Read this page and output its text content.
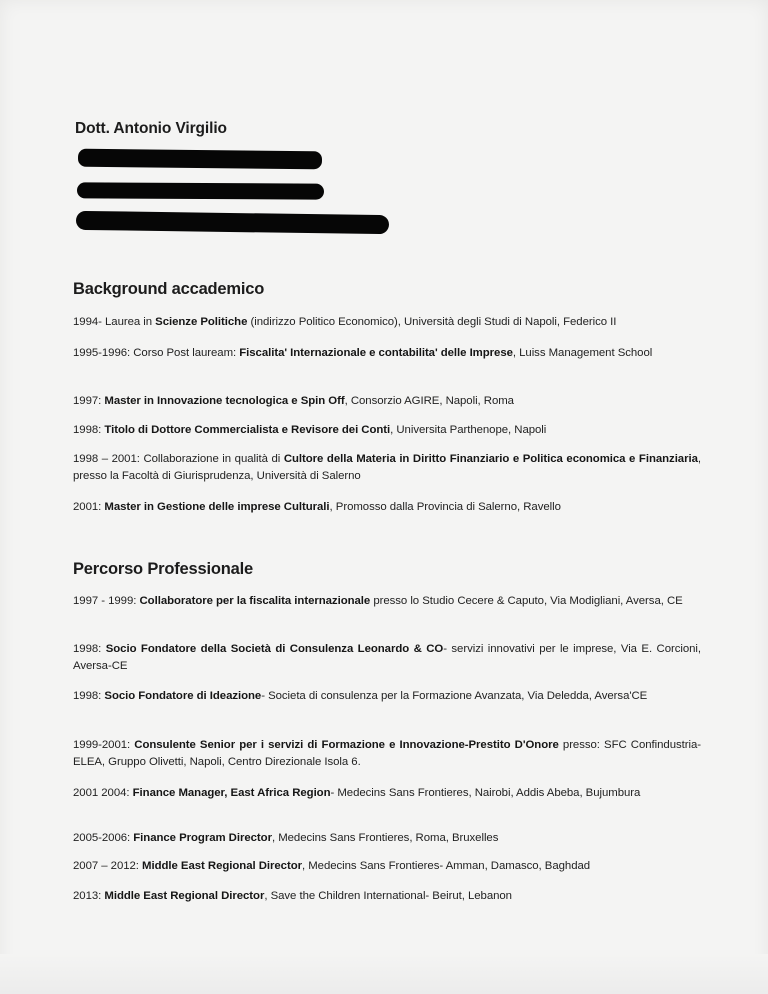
Dott. Antonio Virgilio
Background accademico
1994- Laurea in Scienze Politiche (indirizzo Politico Economico), Università degli Studi di Napoli, Federico II
1995-1996: Corso Post lauream: Fiscalita' Internazionale e contabilita' delle Imprese, Luiss Management School
1997: Master in Innovazione tecnologica e Spin Off, Consorzio AGIRE, Napoli, Roma
1998: Titolo di Dottore Commercialista e Revisore dei Conti, Universita Parthenope, Napoli
1998 – 2001: Collaborazione in qualità di Cultore della Materia in Diritto Finanziario e Politica economica e Finanziaria, presso la Facoltà di Giurisprudenza, Università di Salerno
2001: Master in Gestione delle imprese Culturali, Promosso dalla Provincia di Salerno, Ravello
Percorso Professionale
1997 - 1999: Collaboratore per la fiscalita internazionale presso lo Studio Cecere & Caputo, Via Modigliani, Aversa, CE
1998: Socio Fondatore della Società di Consulenza Leonardo & CO- servizi innovativi per le imprese, Via E. Corcioni, Aversa-CE
1998: Socio Fondatore di Ideazione- Societa di consulenza per la Formazione Avanzata, Via Deledda, Aversa'CE
1999-2001: Consulente Senior per i servizi di Formazione e Innovazione-Prestito D'Onore presso: SFC Confindustria-ELEA, Gruppo Olivetti, Napoli, Centro Direzionale Isola 6.
2001 2004: Finance Manager, East Africa Region- Medecins Sans Frontieres, Nairobi, Addis Abeba, Bujumbura
2005-2006: Finance Program Director, Medecins Sans Frontieres, Roma, Bruxelles
2007 – 2012: Middle East Regional Director, Medecins Sans Frontieres- Amman, Damasco, Baghdad
2013: Middle East Regional Director, Save the Children International- Beirut, Lebanon
